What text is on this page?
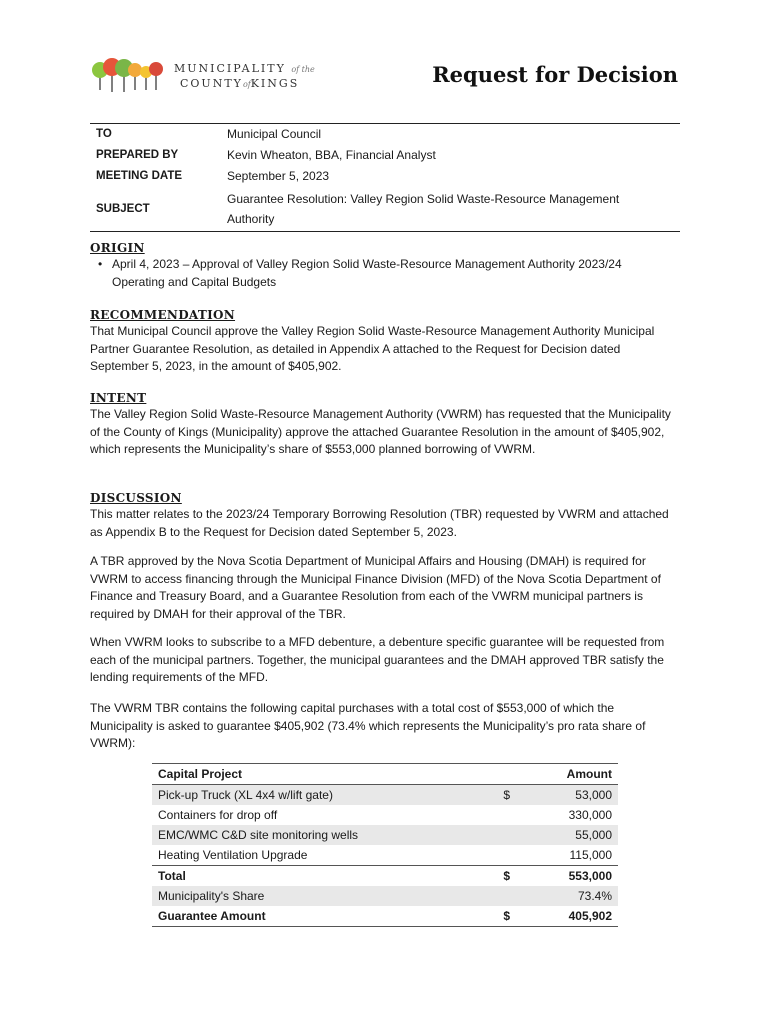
MUNICIPALITY of the
COUNTYofKINGS	Request for Decision
TO	Municipal Council
PREPARED BY	Kevin Wheaton, BBA, Financial Analyst
MEETING DATE	September 5, 2023
SUBJECT	Guarantee Resolution: Valley Region Solid Waste-Resource Management Authority
ORIGIN
• April 4, 2023 – Approval of Valley Region Solid Waste-Resource Management Authority 2023/24 Operating and Capital Budgets
RECOMMENDATION

That Municipal Council approve the Valley Region Solid Waste-Resource Management Authority Municipal Partner Guarantee Resolution, as detailed in Appendix A attached to the Request for Decision dated September 5, 2023, in the amount of $405,902.

INTENT

The Valley Region Solid Waste-Resource Management Authority (VWRM) has requested that the Municipality of the County of Kings (Municipality) approve the attached Guarantee Resolution in the amount of $405,902, which represents the Municipality’s share of $553,000 planned borrowing of VWRM.

DISCUSSION

This matter relates to the 2023/24 Temporary Borrowing Resolution (TBR) requested by VWRM and attached as Appendix B to the Request for Decision dated September 5, 2023.

A TBR approved by the Nova Scotia Department of Municipal Affairs and Housing (DMAH) is required for VWRM to access financing through the Municipal Finance Division (MFD) of the Nova Scotia Department of Finance and Treasury Board, and a Guarantee Resolution from each of the VWRM municipal partners is required by DMAH for their approval of the TBR.

When VWRM looks to subscribe to a MFD debenture, a debenture specific guarantee will be requested from each of the municipal partners. Together, the municipal guarantees and the DMAH approved TBR satisfy the lending requirements of the MFD.

The VWRM TBR contains the following capital purchases with a total cost of $553,000 of which the Municipality is asked to guarantee $405,902 (73.4% which represents the Municipality’s pro rata share of VWRM):

Capital Project		Amount
Pick-up Truck (XL 4x4 w/lift gate)	$	53,000
Containers for drop off		330,000
EMC/WMC C&D site monitoring wells		55,000
Heating Ventilation Upgrade		115,000
Total	$	553,000
Municipality's Share		73.4%
Guarantee Amount	$	405,902
